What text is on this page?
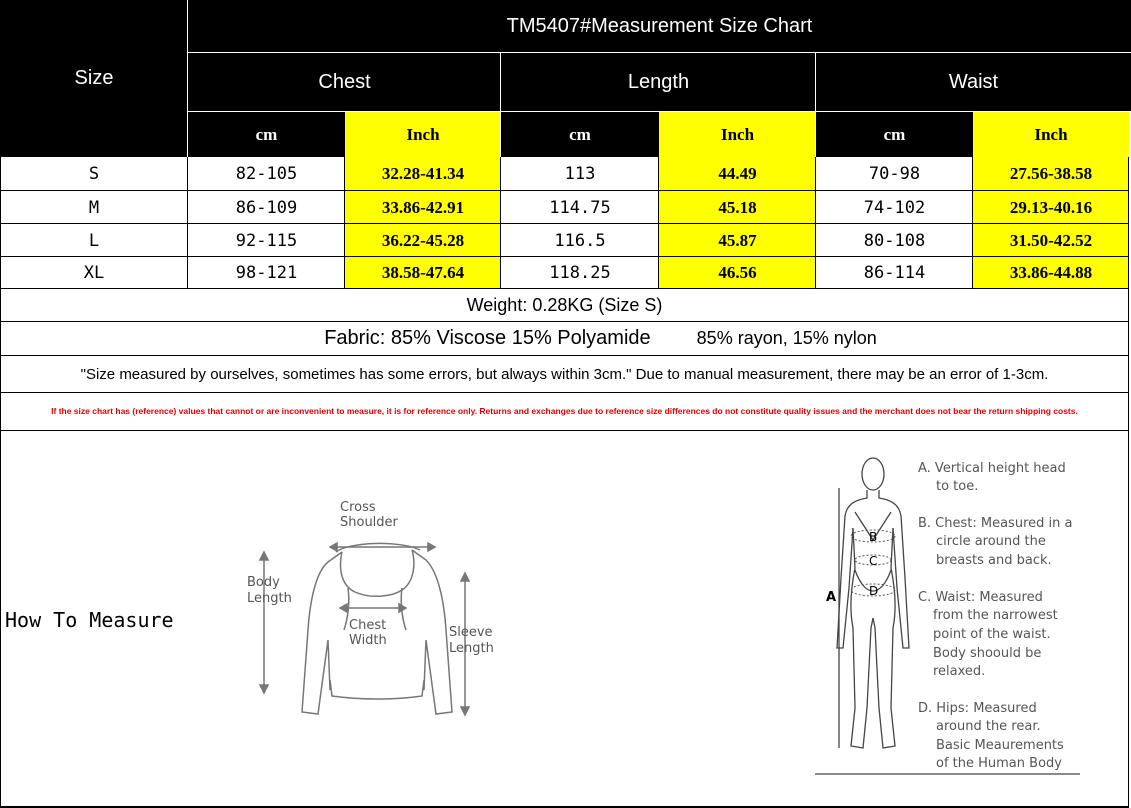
Size
TM5407#Measurement Size Chart
Chest	Length	Waist
cm	Inch	cm	Inch	cm	Inch
S	82-105	32.28-41.34	113	44.49	70-98	27.56-38.58
M	86-109	33.86-42.91	114.75	45.18	74-102	29.13-40.16
L	92-115	36.22-45.28	116.5	45.87	80-108	31.50-42.52
XL	98-121	38.58-47.64	118.25	46.56	86-114	33.86-44.88
Weight: 0.28KG (Size S)
Fabric: 85% Viscose 15% Polyamide	85% rayon, 15% nylon
"Size measured by ourselves, sometimes has some errors, but always within 3cm." Due to manual measurement, there may be an error of 1-3cm.
If the size chart has (reference) values that cannot or are inconvenient to measure, it is for reference only. Returns and exchanges due to reference size differences do not constitute quality issues and the merchant does not bear the return shipping costs.
How To Measure
Cross
Shoulder
Body
Length
Chest
Width
Sleeve
Length
A
B
C
D
A. Vertical height head
to toe.
B. Chest: Measured in a
circle around the
breasts and back.
C. Waist: Measured
from the narrowest
point of the waist.
Body shoould be
relaxed.
D. Hips: Measured
around the rear.
Basic Meaurements
of the Human Body
